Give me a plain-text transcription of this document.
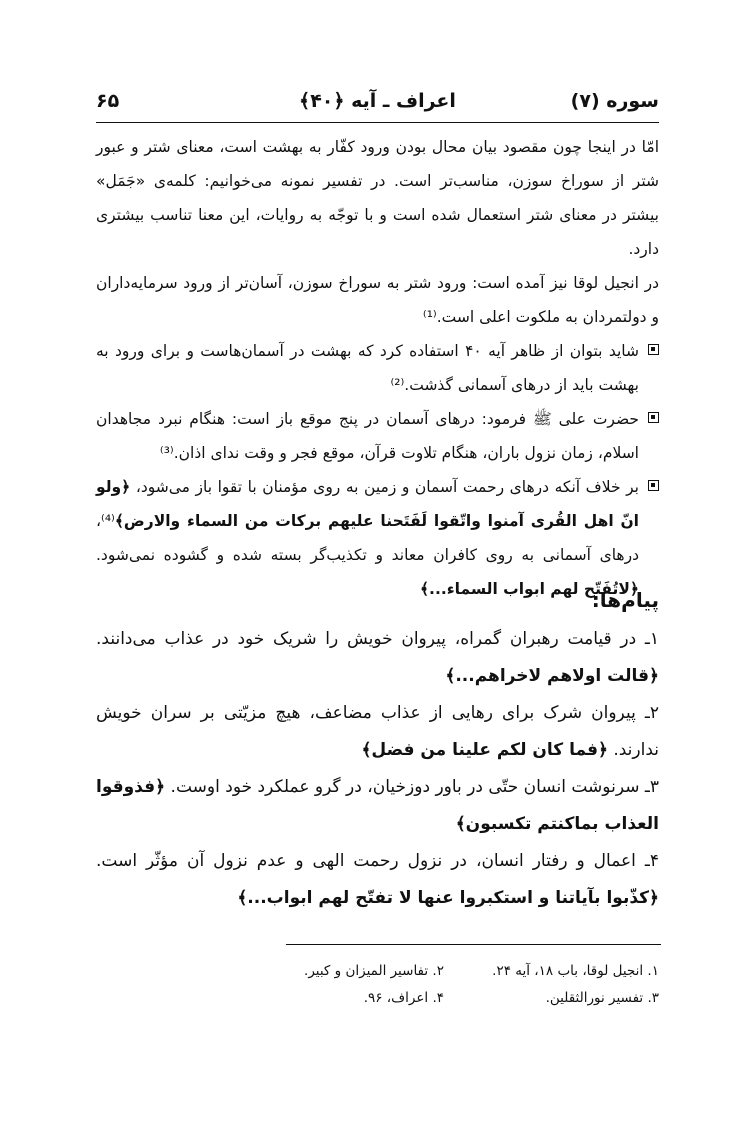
سوره (۷)
اعراف ـ آیه ﴿۴۰﴾
۶۵

امّا در اینجا چون مقصود بیان محال بودن ورود کفّار به بهشت است، معنای شتر و عبور شتر از سوراخ سوزن، مناسب‌تر است. در تفسیر نمونه می‌خوانیم: کلمه‌ی «جَمَل» بیشتر در معنای شتر استعمال شده است و با توجّه به روایات، این معنا تناسب بیشتری دارد.

در انجیل لوقا نیز آمده است: ورود شتر به سوراخ سوزن، آسان‌تر از ورود سرمایه‌داران و دولتمردان به ملکوت اعلی است.⁽¹⁾

شاید بتوان از ظاهر آیه ۴۰ استفاده کرد که بهشت در آسمان‌هاست و برای ورود به بهشت باید از درهای آسمانی گذشت.⁽²⁾

حضرت علی ﷺ فرمود: درهای آسمان در پنج موقع باز است: هنگام نبرد مجاهدان اسلام، زمان نزول باران، هنگام تلاوت قرآن، موقع فجر و وقت ندای اذان.⁽³⁾

بر خلاف آنکه درهای رحمت آسمان و زمین به روی مؤمنان با تقوا باز می‌شود، ﴿ولو انّ اهل القُری آمنوا واتّقوا لَفَتَحنا علیهم برکات من السماء والارض﴾⁽⁴⁾، درهای آسمانی به روی کافران معاند و تکذیب‌گر بسته شده و گشوده نمی‌شود. ﴿لاتُفَتّح لهم ابواب السماء...﴾

پیام‌ها:

۱ـ در قیامت رهبران گمراه، پیروان خویش را شریک خود در عذاب می‌دانند. ﴿قالت اولاهم لاخراهم...﴾

۲ـ پیروان شرک برای رهایی از عذاب مضاعف، هیچ مزیّتی بر سران خویش ندارند. ﴿فما کان لکم علینا من فضل﴾

۳ـ سرنوشت انسان حتّی در باور دوزخیان، در گرو عملکرد خود اوست. ﴿فذوقوا العذاب بماکنتم تکسبون﴾

۴ـ اعمال و رفتار انسان، در نزول رحمت الهی و عدم نزول آن مؤثّر است. ﴿کذّبوا بآیاتنا و استکبروا عنها لا تفتّح لهم ابواب...﴾

۱. انجیل لوقا، باب ۱۸، آیه ۲۴.
۲. تفاسیر المیزان و کبیر.
۳. تفسیر نورالثقلین.
۴. اعراف، ۹۶.
